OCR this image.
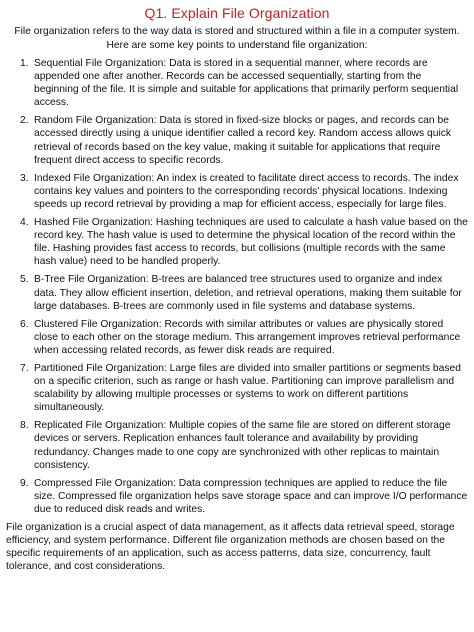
Q1. Explain File Organization

File organization refers to the way data is stored and structured within a file in a computer system. Here are some key points to understand file organization:

1. Sequential File Organization: Data is stored in a sequential manner, where records are appended one after another. Records can be accessed sequentially, starting from the beginning of the file. It is simple and suitable for applications that primarily perform sequential access.
2. Random File Organization: Data is stored in fixed-size blocks or pages, and records can be accessed directly using a unique identifier called a record key. Random access allows quick retrieval of records based on the key value, making it suitable for applications that require frequent direct access to specific records.
3. Indexed File Organization: An index is created to facilitate direct access to records. The index contains key values and pointers to the corresponding records' physical locations. Indexing speeds up record retrieval by providing a map for efficient access, especially for large files.
4. Hashed File Organization: Hashing techniques are used to calculate a hash value based on the record key. The hash value is used to determine the physical location of the record within the file. Hashing provides fast access to records, but collisions (multiple records with the same hash value) need to be handled properly.
5. B-Tree File Organization: B-trees are balanced tree structures used to organize and index data. They allow efficient insertion, deletion, and retrieval operations, making them suitable for large databases. B-trees are commonly used in file systems and database systems.
6. Clustered File Organization: Records with similar attributes or values are physically stored close to each other on the storage medium. This arrangement improves retrieval performance when accessing related records, as fewer disk reads are required.
7. Partitioned File Organization: Large files are divided into smaller partitions or segments based on a specific criterion, such as range or hash value. Partitioning can improve parallelism and scalability by allowing multiple processes or systems to work on different partitions simultaneously.
8. Replicated File Organization: Multiple copies of the same file are stored on different storage devices or servers. Replication enhances fault tolerance and availability by providing redundancy. Changes made to one copy are synchronized with other replicas to maintain consistency.
9. Compressed File Organization: Data compression techniques are applied to reduce the file size. Compressed file organization helps save storage space and can improve I/O performance due to reduced disk reads and writes.

File organization is a crucial aspect of data management, as it affects data retrieval speed, storage efficiency, and system performance. Different file organization methods are chosen based on the specific requirements of an application, such as access patterns, data size, concurrency, fault tolerance, and cost considerations.
